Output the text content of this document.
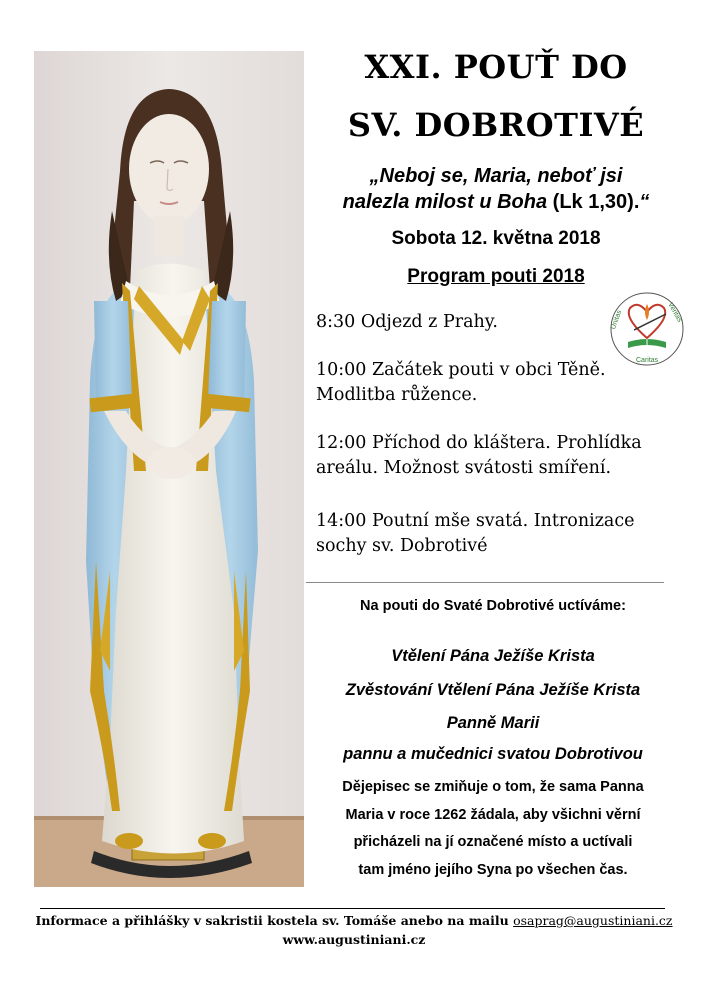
XXI. POUŤ DO
SV. DOBROTIVÉ
„Neboj se, Maria, neboť jsi
nalezla milost u Boha (Lk 1,30).“
Sobota 12. května 2018
Program pouti 2018
Unitas	Veritas
Caritas
8:30 Odjezd z Prahy.
10:00 Začátek pouti v obci Těně.
Modlitba růžence.
12:00 Příchod do kláštera. Prohlídka
areálu. Možnost svátosti smíření.
14:00 Poutní mše svatá. Intronizace
sochy sv. Dobrotivé
Na pouti do Svaté Dobrotivé uctíváme:
Vtělení Pána Ježíše Krista
Zvěstování Vtělení Pána Ježíše Krista
Panně Marii
pannu a mučednici svatou Dobrotivou
Dějepisec se zmiňuje o tom, že sama Panna
Maria v roce 1262 žádala, aby všichni věrní
přicházeli na jí označené místo a uctívali
tam jméno jejího Syna po všechen čas.
Informace a přihlášky v sakristii kostela sv. Tomáše anebo na mailu osaprag@augustiniani.cz
www.augustiniani.cz
